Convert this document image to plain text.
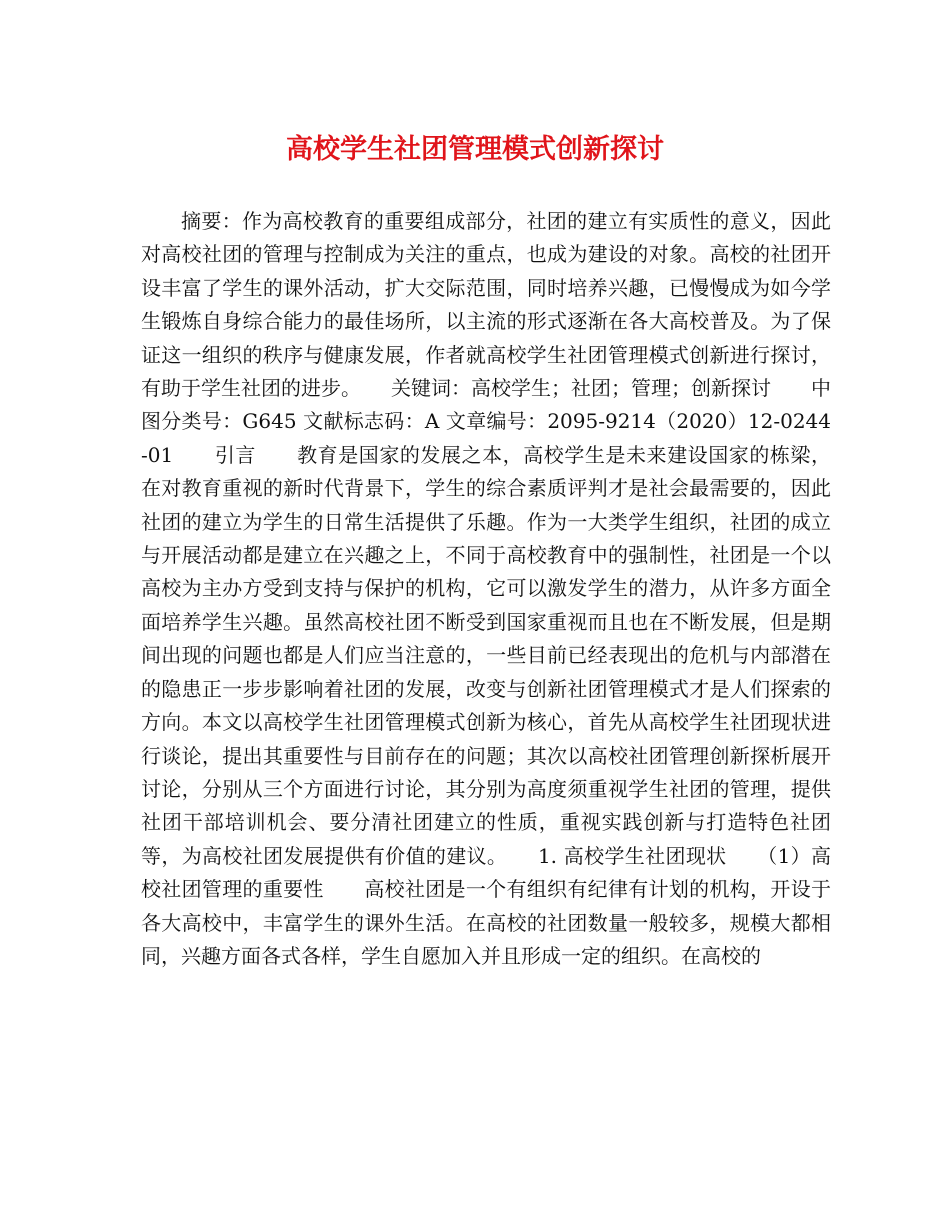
高校学生社团管理模式创新探讨

摘要：作为高校教育的重要组成部分，社团的建立有实质性的意义，因此对高校社团的管理与控制成为关注的重点，也成为建设的对象。高校的社团开设丰富了学生的课外活动，扩大交际范围，同时培养兴趣，已慢慢成为如今学生锻炼自身综合能力的最佳场所，以主流的形式逐渐在各大高校普及。为了保证这一组织的秩序与健康发展，作者就高校学生社团管理模式创新进行探讨，有助于学生社团的进步。　　关键词：高校学生；社团；管理；创新探讨　　中图分类号：G645 文献标志码：A 文章编号：2095-9214（2020）12-0244-01　　引言　　教育是国家的发展之本，高校学生是未来建设国家的栋梁，在对教育重视的新时代背景下，学生的综合素质评判才是社会最需要的，因此社团的建立为学生的日常生活提供了乐趣。作为一大类学生组织，社团的成立与开展活动都是建立在兴趣之上，不同于高校教育中的强制性，社团是一个以高校为主办方受到支持与保护的机构，它可以激发学生的潜力，从许多方面全面培养学生兴趣。虽然高校社团不断受到国家重视而且也在不断发展，但是期间出现的问题也都是人们应当注意的，一些目前已经表现出的危机与内部潜在的隐患正一步步影响着社团的发展，改变与创新社团管理模式才是人们探索的方向。本文以高校学生社团管理模式创新为核心，首先从高校学生社团现状进行谈论，提出其重要性与目前存在的问题；其次以高校社团管理创新探析展开讨论，分别从三个方面进行讨论，其分别为高度须重视学生社团的管理，提供社团干部培训机会、要分清社团建立的性质，重视实践创新与打造特色社团等，为高校社团发展提供有价值的建议。　　1. 高校学生社团现状　　（1）高校社团管理的重要性　　高校社团是一个有组织有纪律有计划的机构，开设于各大高校中，丰富学生的课外生活。在高校的社团数量一般较多，规模大都相同，兴趣方面各式各样，学生自愿加入并且形成一定的组织。在高校的
